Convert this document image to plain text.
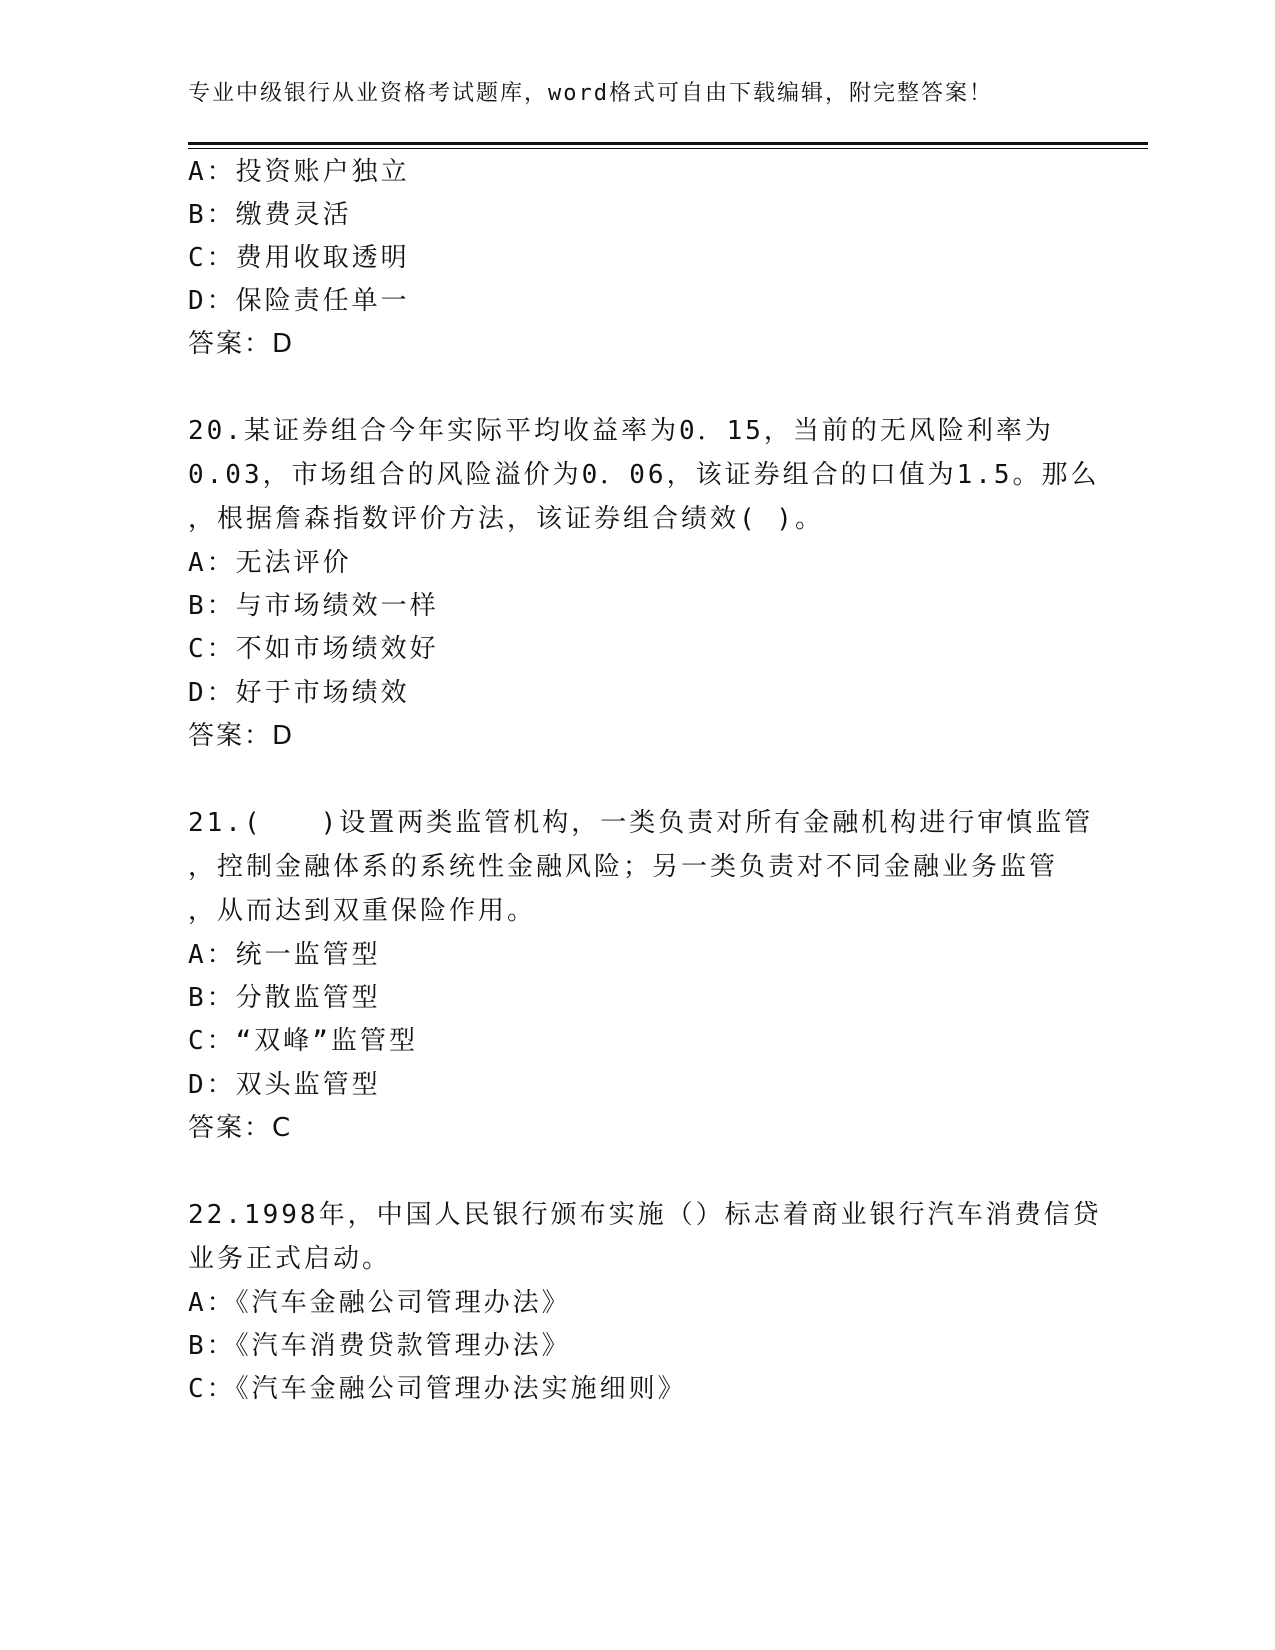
专业中级银行从业资格考试题库，word格式可自由下载编辑，附完整答案！
A：投资账户独立
B：缴费灵活
C：费用收取透明
D：保险责任单一
答案：D
20.某证券组合今年实际平均收益率为0．15，当前的无风险利率为
0.03，市场组合的风险溢价为0．06，该证券组合的口值为1.5。那么
，根据詹森指数评价方法，该证券组合绩效( )。
A：无法评价
B：与市场绩效一样
C：不如市场绩效好
D：好于市场绩效
答案：D
21.(　　)设置两类监管机构，一类负责对所有金融机构进行审慎监管
，控制金融体系的系统性金融风险；另一类负责对不同金融业务监管
，从而达到双重保险作用。
A：统一监管型
B：分散监管型
C：“双峰”监管型
D：双头监管型
答案：C
22.1998年，中国人民银行颁布实施（）标志着商业银行汽车消费信贷
业务正式启动。
A：《汽车金融公司管理办法》
B：《汽车消费贷款管理办法》
C：《汽车金融公司管理办法实施细则》
